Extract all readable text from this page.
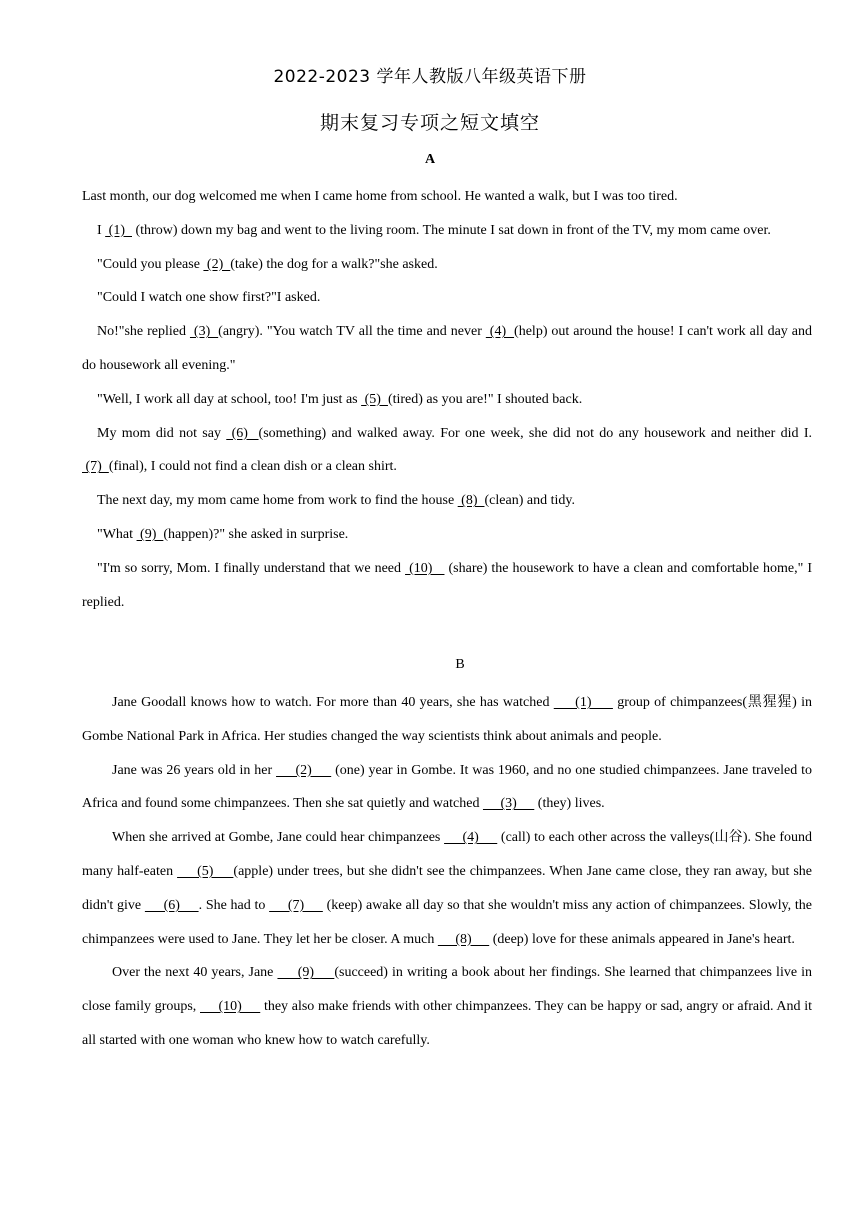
2022-2023 学年人教版八年级英语下册
期末复习专项之短文填空
A

Last month, our dog welcomed me when I came home from school. He wanted a walk, but I was too tired.

I  (1)   (throw) down my bag and went to the living room. The minute I sat down in front of the TV, my mom came over.

"Could you please  (2)  (take) the dog for a walk?"she asked.

"Could I watch one show first?"I asked.

No!"she replied  (3)  (angry). "You watch TV all the time and never  (4)  (help) out around the house! I can't work all day and do housework all evening."

"Well, I work all day at school, too! I'm just as  (5)  (tired) as you are!" I shouted back.

My mom did not say  (6)  (something) and walked away. For one week, she did not do any housework and neither did I.  (7)  (final), I could not find a clean dish or a clean shirt.

The next day, my mom came home from work to find the house  (8)  (clean) and tidy.

"What  (9)  (happen)?" she asked in surprise.

"I'm so sorry, Mom. I finally understand that we need  (10)    (share) the housework to have a clean and comfortable home," I replied.

B

Jane Goodall knows how to watch. For more than 40 years, she has watched      (1)      group of chimpanzees(黑猩猩) in Gombe National Park in Africa. Her studies changed the way scientists think about animals and people.

Jane was 26 years old in her      (2)      (one) year in Gombe. It was 1960, and no one studied chimpanzees. Jane traveled to Africa and found some chimpanzees. Then she sat quietly and watched      (3)      (they) lives.

When she arrived at Gombe, Jane could hear chimpanzees      (4)      (call) to each other across the valleys(山谷). She found many half-eaten      (5)     (apple) under trees, but she didn't see the chimpanzees. When Jane came close, they ran away, but she didn't give      (6)     . She had to      (7)      (keep) awake all day so that she wouldn't miss any action of chimpanzees. Slowly, the chimpanzees were used to Jane. They let her be closer. A much      (8)      (deep) love for these animals appeared in Jane's heart.

Over the next 40 years, Jane      (9)     (succeed) in writing a book about her findings. She learned that chimpanzees live in close family groups,      (10)      they also make friends with other chimpanzees. They can be happy or sad, angry or afraid. And it all started with one woman who knew how to watch carefully.
